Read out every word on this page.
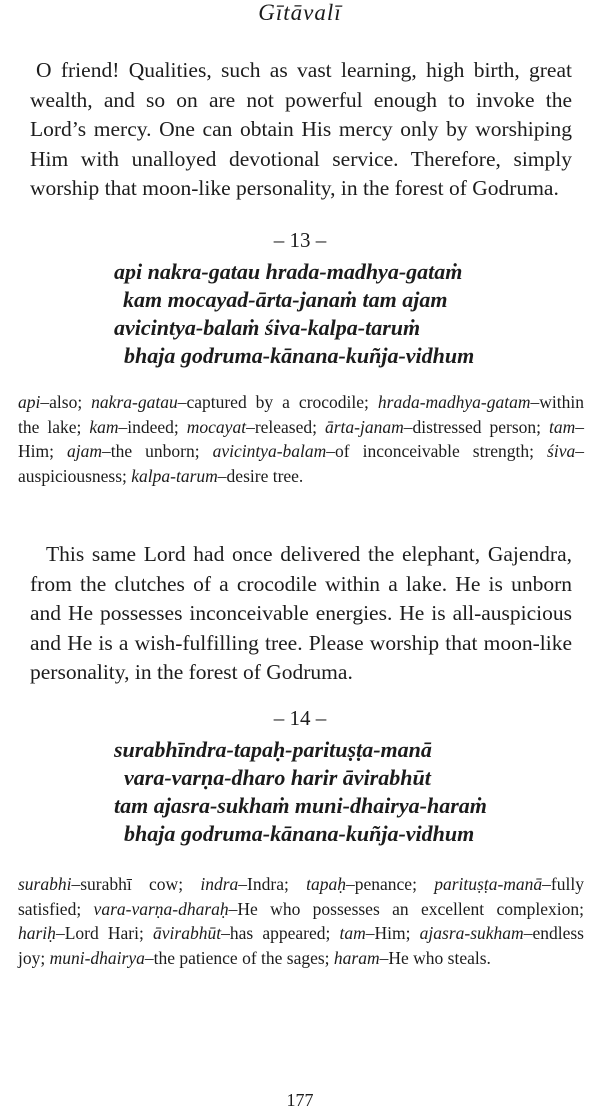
Gītāvalī

O friend! Qualities, such as vast learning, high birth, great wealth, and so on are not powerful enough to invoke the Lord’s mercy. One can obtain His mercy only by worshiping Him with unalloyed devotional service. Therefore, simply worship that moon-like personality, in the forest of Godruma.

– 13 –
api nakra-gatau hrada-madhya-gataṁ
kam mocayad-ārta-janaṁ tam ajam
avicintya-balaṁ śiva-kalpa-taruṁ
bhaja godruma-kānana-kuñja-vidhum

api–also; nakra-gatau–captured by a crocodile; hrada-madhya-gatam–within the lake; kam–indeed; mocayat–released; ārta-janam–distressed person; tam–Him; ajam–the unborn; avicintya-balam–of inconceivable strength; śiva–auspiciousness; kalpa-tarum–desire tree.

This same Lord had once delivered the elephant, Gajendra, from the clutches of a crocodile within a lake. He is unborn and He possesses inconceivable energies. He is all-auspicious and He is a wish-fulfilling tree. Please worship that moon-like personality, in the forest of Godruma.

– 14 –
surabhīndra-tapaḥ-parituṣṭa-manā
vara-varṇa-dharo harir āvirabhūt
tam ajasra-sukhaṁ muni-dhairya-haraṁ
bhaja godruma-kānana-kuñja-vidhum

surabhi–surabhī cow; indra–Indra; tapaḥ–penance; parituṣṭa-manā–fully satisfied; vara-varṇa-dharaḥ–He who possesses an excellent complexion; hariḥ–Lord Hari; āvirabhūt–has appeared; tam–Him; ajasra-sukham–endless joy; muni-dhairya–the patience of the sages; haram–He who steals.

177
